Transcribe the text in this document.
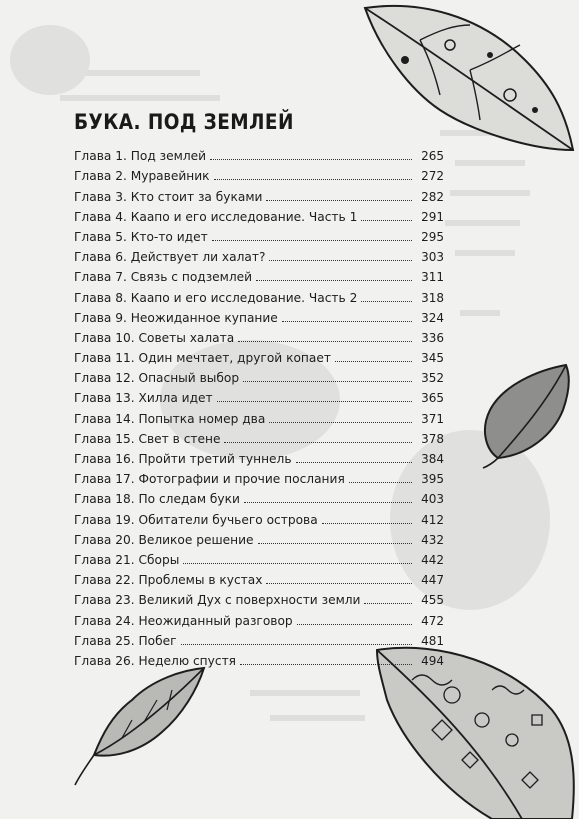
БУКА. ПОД ЗЕМЛЕЙ
Глава 1. Под землей	265
Глава 2. Муравейник	272
Глава 3. Кто стоит за буками	282
Глава 4. Каапо и его исследование. Часть 1	291
Глава 5. Кто-то идет	295
Глава 6. Действует ли халат?	303
Глава 7. Связь с подземлей	311
Глава 8. Каапо и его исследование. Часть 2	318
Глава 9. Неожиданное купание	324
Глава 10. Советы халата	336
Глава 11. Один мечтает, другой копает	345
Глава 12. Опасный выбор	352
Глава 13. Хилла идет	365
Глава 14. Попытка номер два	371
Глава 15. Свет в стене	378
Глава 16. Пройти третий туннель	384
Глава 17. Фотографии и прочие послания	395
Глава 18. По следам буки	403
Глава 19. Обитатели бучьего острова	412
Глава 20. Великое решение	432
Глава 21. Сборы	442
Глава 22. Проблемы в кустах	447
Глава 23. Великий Дух с поверхности земли	455
Глава 24. Неожиданный разговор	472
Глава 25. Побег	481
Глава 26. Неделю спустя	494
